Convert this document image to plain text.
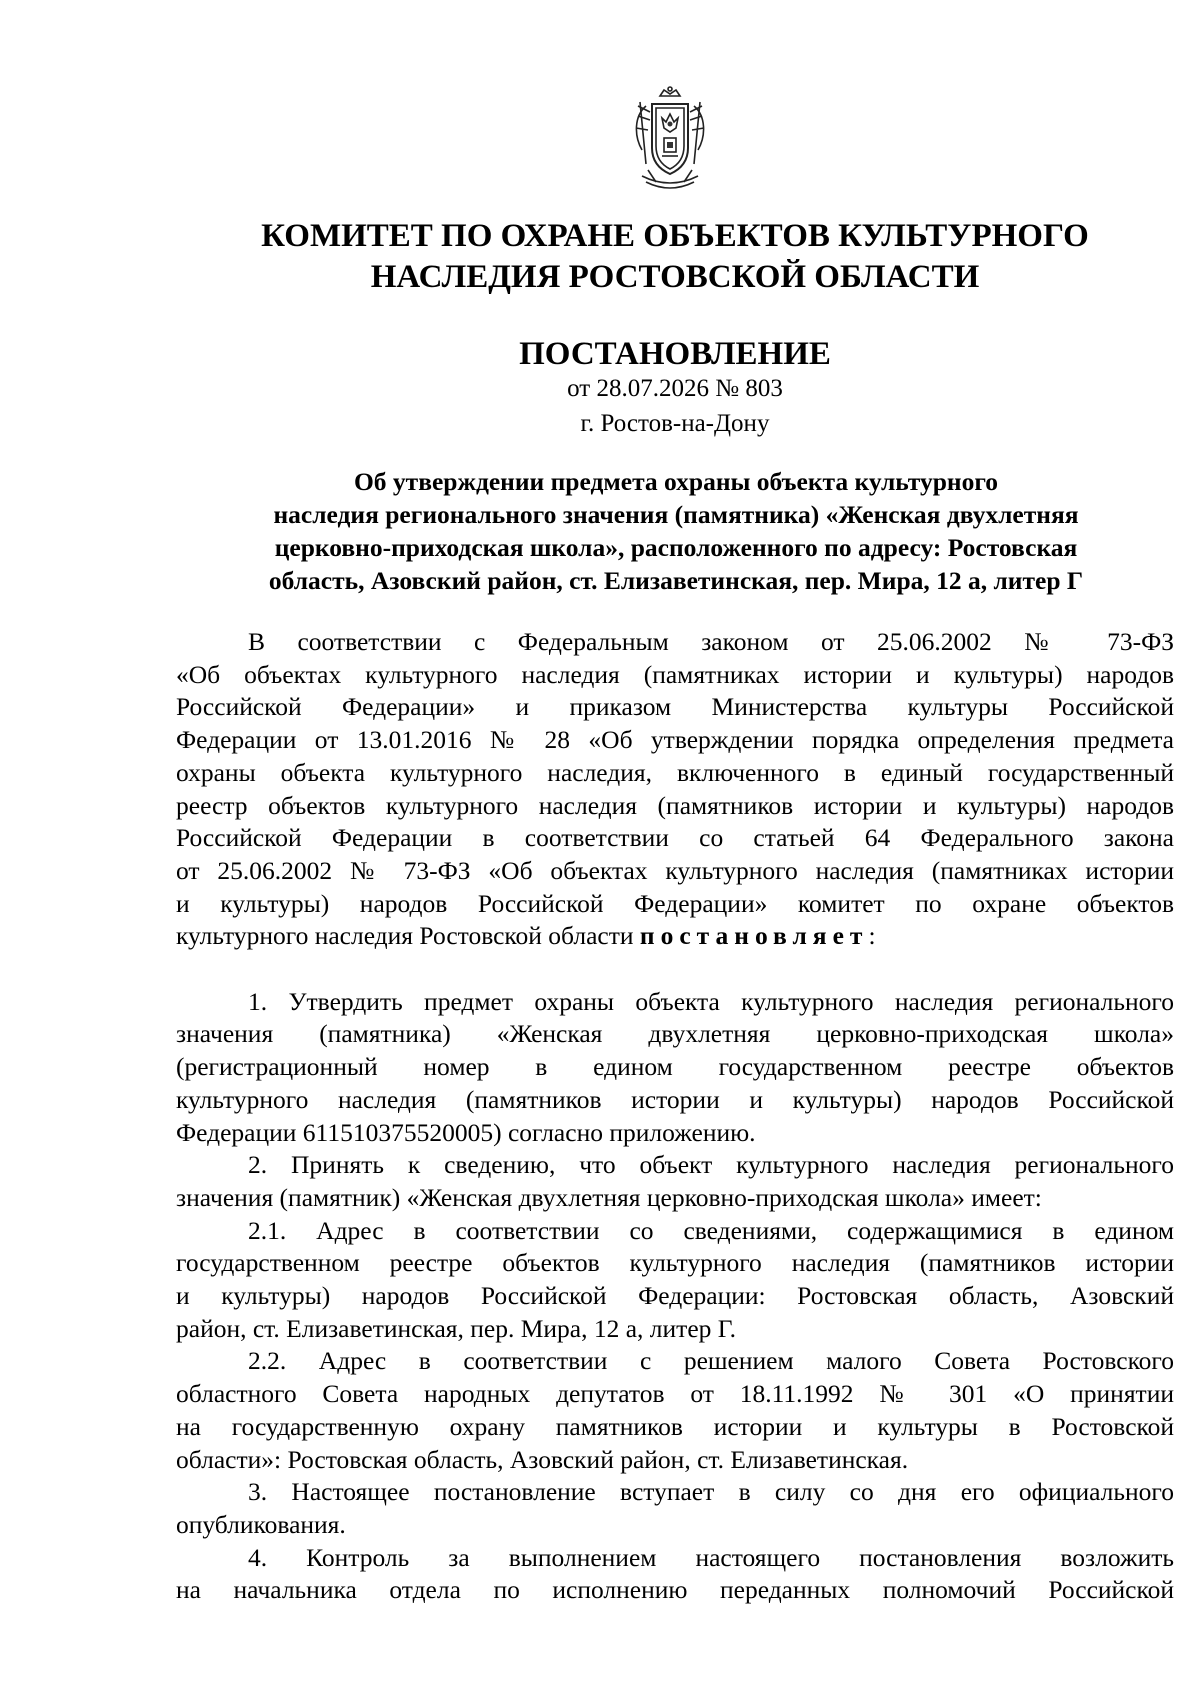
КОМИТЕТ ПО ОХРАНЕ ОБЪЕКТОВ КУЛЬТУРНОГО
НАСЛЕДИЯ РОСТОВСКОЙ ОБЛАСТИ
ПОСТАНОВЛЕНИЕ
от 28.07.2026 № 803
г. Ростов-на-Дону
Об утверждении предмета охраны объекта культурного
наследия регионального значения (памятника) «Женская двухлетняя
церковно-приходская школа», расположенного по адресу: Ростовская
область, Азовский район, ст. Елизаветинская, пер. Мира, 12 а, литер Г
В соответствии с Федеральным законом от 25.06.2002 № 73-ФЗ
«Об объектах культурного наследия (памятниках истории и культуры) народов
Российской Федерации» и приказом Министерства культуры Российской
Федерации от 13.01.2016 № 28 «Об утверждении порядка определения предмета
охраны объекта культурного наследия, включенного в единый государственный
реестр объектов культурного наследия (памятников истории и культуры) народов
Российской Федерации в соответствии со статьей 64 Федерального закона
от 25.06.2002 № 73-ФЗ «Об объектах культурного наследия (памятниках истории
и культуры) народов Российской Федерации» комитет по охране объектов
культурного наследия Ростовской области постановляет:
1. Утвердить предмет охраны объекта культурного наследия регионального
значения (памятника) «Женская двухлетняя церковно-приходская школа»
(регистрационный номер в едином государственном реестре объектов
культурного наследия (памятников истории и культуры) народов Российской
Федерации 611510375520005) согласно приложению.
2. Принять к сведению, что объект культурного наследия регионального
значения (памятник) «Женская двухлетняя церковно-приходская школа» имеет:
2.1. Адрес в соответствии со сведениями, содержащимися в едином
государственном реестре объектов культурного наследия (памятников истории
и культуры) народов Российской Федерации: Ростовская область, Азовский
район, ст. Елизаветинская, пер. Мира, 12 а, литер Г.
2.2. Адрес в соответствии с решением малого Совета Ростовского
областного Совета народных депутатов от 18.11.1992 № 301 «О принятии
на государственную охрану памятников истории и культуры в Ростовской
области»: Ростовская область, Азовский район, ст. Елизаветинская.
3. Настоящее постановление вступает в силу со дня его официального
опубликования.
4. Контроль за выполнением настоящего постановления возложить
на начальника отдела по исполнению переданных полномочий Российской
